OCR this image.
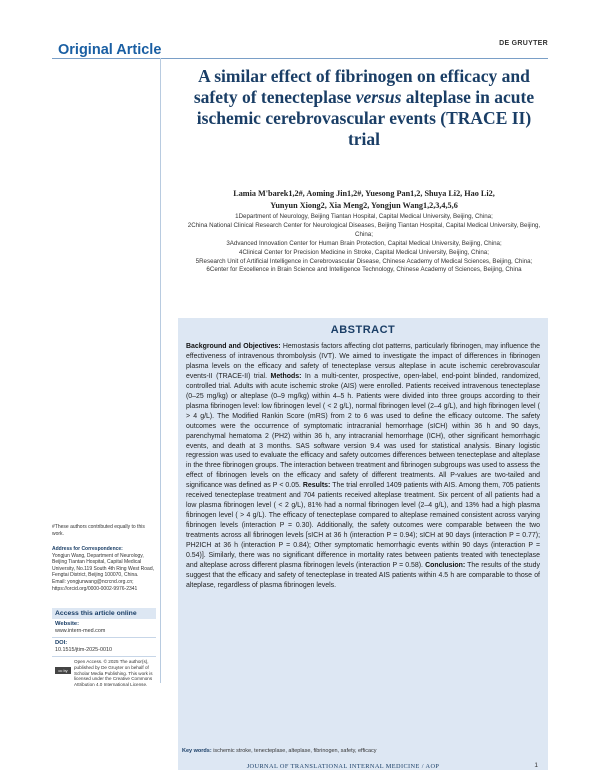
Original Article	DE GRUYTER
A similar effect of fibrinogen on efficacy and safety of tenecteplase versus alteplase in acute ischemic cerebrovascular events (TRACE II) trial
Lamia M'barek1,2#, Aoming Jin1,2#, Yuesong Pan1,2, Shuya Li2, Hao Li2,
Yunyun Xiong2, Xia Meng2, Yongjun Wang1,2,3,4,5,6
1Department of Neurology, Beijing Tiantan Hospital, Capital Medical University, Beijing, China;
2China National Clinical Research Center for Neurological Diseases, Beijing Tiantan Hospital, Capital Medical University, Beijing, China;
3Advanced Innovation Center for Human Brain Protection, Capital Medical University, Beijing, China;
4Clinical Center for Precision Medicine in Stroke, Capital Medical University, Beijing, China;
5Research Unit of Artificial Intelligence in Cerebrovascular Disease, Chinese Academy of Medical Sciences, Beijing, China;
6Center for Excellence in Brain Science and Intelligence Technology, Chinese Academy of Sciences, Beijing, China
ABSTRACT
Background and Objectives: Hemostasis factors affecting clot patterns, particularly fibrinogen, may influence the effectiveness of intravenous thrombolysis (IVT). We aimed to investigate the impact of differences in fibrinogen plasma levels on the efficacy and safety of tenecteplase versus alteplase in acute ischemic cerebrovascular events-II (TRACE-II) trial. Methods: In a multi-center, prospective, open-label, end-point blinded, randomized, controlled trial. Adults with acute ischemic stroke (AIS) were enrolled. Patients received intravenous tenecteplase (0–25 mg/kg) or alteplase (0–9 mg/kg) within 4–5 h. Patients were divided into three groups according to their plasma fibrinogen level: low fibrinogen level ( < 2 g/L), normal fibrinogen level (2–4 g/L), and high fibrinogen level ( > 4 g/L). The Modified Rankin Score (mRS) from 2 to 6 was used to define the efficacy outcome. The safety outcomes were the occurrence of symptomatic intracranial hemorrhage (sICH) within 36 h and 90 days, parenchymal hematoma 2 (PH2) within 36 h, any intracranial hemorrhage (ICH), other significant hemorrhagic events, and death at 3 months. SAS software version 9.4 was used for statistical analysis. Binary logistic regression was used to evaluate the efficacy and safety outcomes differences between tenecteplase and alteplase in the three fibrinogen groups. The interaction between treatment and fibrinogen subgroups was used to assess the effect of fibrinogen levels on the efficacy and safety of different treatments. All P-values are two-tailed and significance was defined as P < 0.05. Results: The trial enrolled 1409 patients with AIS. Among them, 705 patients received tenecteplase treatment and 704 patients received alteplase treatment. Six percent of all patients had a low plasma fibrinogen level ( < 2 g/L), 81% had a normal fibrinogen level (2–4 g/L), and 13% had a high plasma fibrinogen level ( > 4 g/L). The efficacy of tenecteplase compared to alteplase remained consistent across varying fibrinogen levels (interaction P = 0.30). Additionally, the safety outcomes were comparable between the two treatments across all fibrinogen levels [sICH at 36 h (interaction P = 0.94); sICH at 90 days (interaction P = 0.77); PH2ICH at 36 h (interaction P = 0.84); Other symptomatic hemorrhagic events within 90 days (interaction P = 0.54)]. Similarly, there was no significant difference in mortality rates between patients treated with tenecteplase and alteplase across different plasma fibrinogen levels (interaction P = 0.58). Conclusion: The results of the study suggest that the efficacy and safety of tenecteplase in treated AIS patients within 4.5 h are comparable to those of alteplase, regardless of plasma fibrinogen levels.
Key words: ischemic stroke, tenecteplase, alteplase, fibrinogen, safety, efficacy
#These authors contributed equally to this work.
Address for Correspondence:
Yongjun Wang, Department of Neurology, Beijing Tiantan Hospital, Capital Medical University, No.119 South 4th Ring West Road, Fengtai District, Beijing 100070, China.
Email: yongjunwang@ncrcnd.org.cn; https://orcid.org/0000-0002-9976-2341
Access this article online
Website:
www.intern-med.com
DOI:
10.1515/jtim-2025-0010
cc by
Open Access. © 2025 The author(s), published by De Gruyter on behalf of Scholar Media Publishing. This work is licensed under the Creative Commons Attribution 4.0 International License.
JOURNAL OF TRANSLATIONAL INTERNAL MEDICINE / AOP	1
